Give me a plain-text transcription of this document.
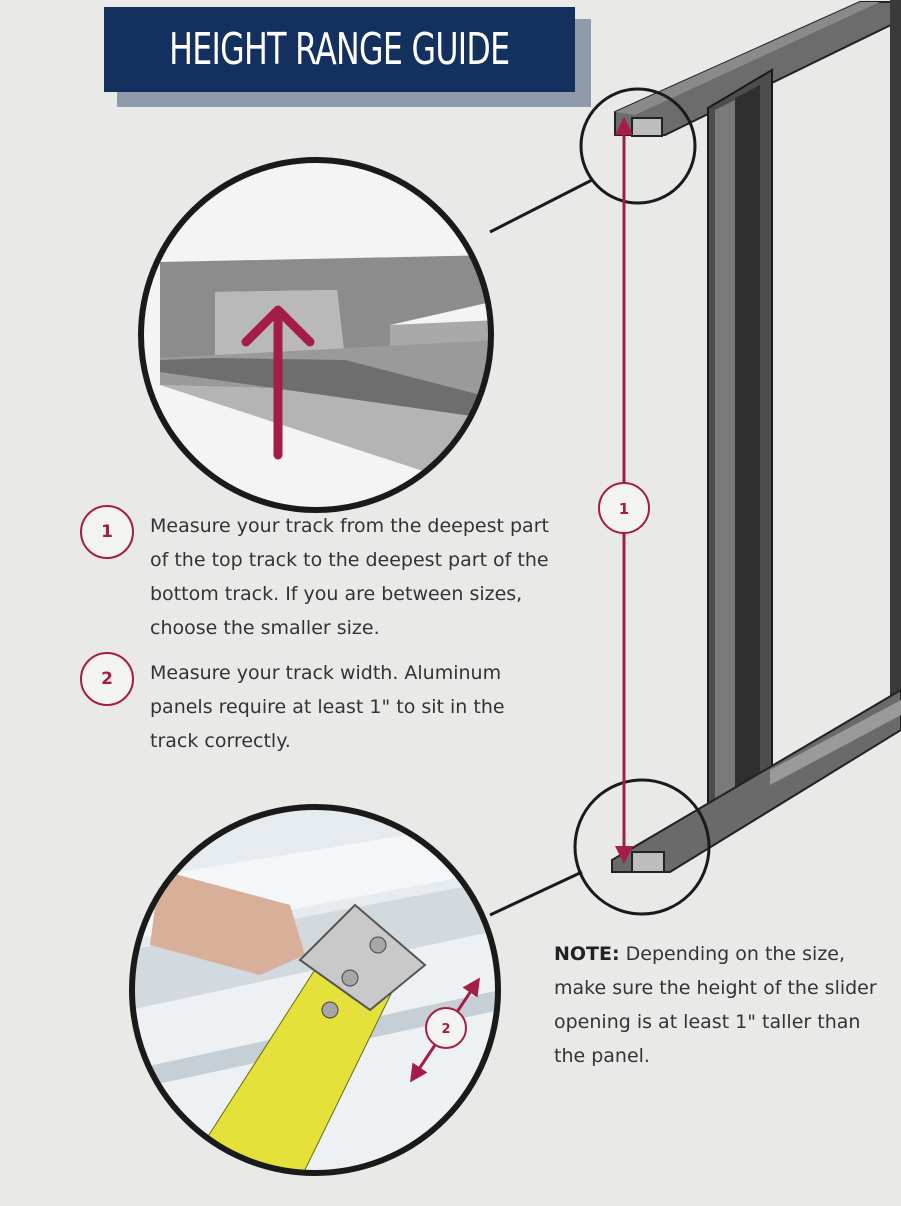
1
2
HEIGHT RANGE GUIDE
1	Measure your track from the deepest part of the top track to the deepest part of the bottom track. If you are between sizes, choose the smaller size.
2	Measure your track width. Aluminum panels require at least 1" to sit in the track correctly.
NOTE: Depending on the size, make sure the height of the slider opening is at least 1" taller than the panel.
